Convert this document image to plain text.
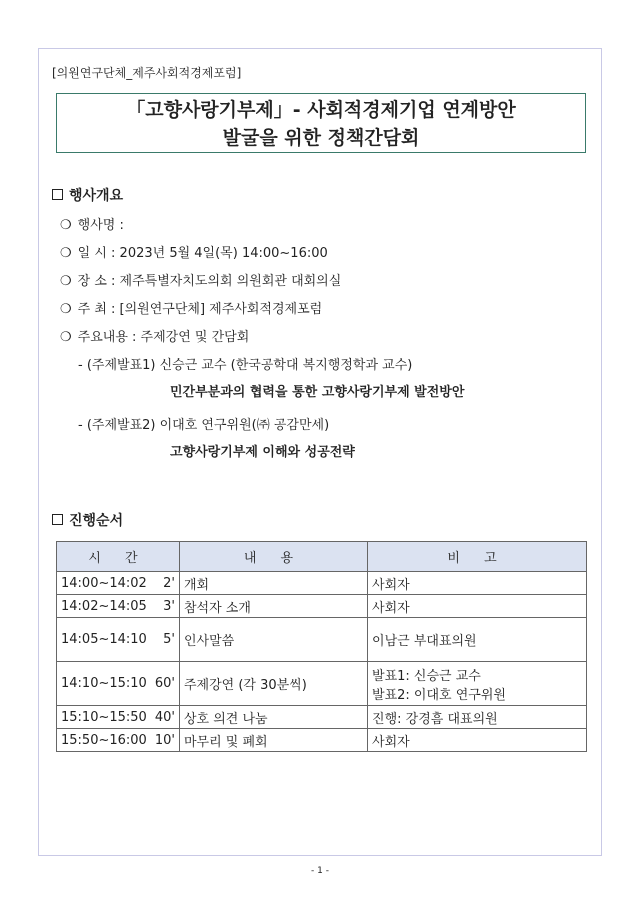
[의원연구단체_제주사회적경제포럼]
「고향사랑기부제」- 사회적경제기업 연계방안
발굴을 위한 정책간담회
행사개요
❍ 행사명 :
❍ 일 시 : 2023년 5월 4일(목) 14:00~16:00
❍ 장 소 : 제주특별자치도의회 의원회관 대회의실
❍ 주 최 : [의원연구단체] 제주사회적경제포럼
❍ 주요내용 : 주제강연 및 간담회
- (주제발표1) 신승근 교수 (한국공학대 복지행정학과 교수)
민간부분과의 협력을 통한 고향사랑기부제 발전방안
- (주제발표2) 이대호 연구위원(㈜ 공감만세)
고향사랑기부제 이해와 성공전략
진행순서
시 간		내 용	비 고
14:00~14:02	2'	개회	사회자
14:02~14:05	3'	참석자 소개	사회자
14:05~14:10	5'	인사말씀	이남근 부대표의원
14:10~15:10	60'	주제강연 (각 30분씩)	발표1: 신승근 교수
발표2: 이대호 연구위원

15:10~15:50	40'	상호 의견 나눔	진행: 강경흠 대표의원
15:50~16:00	10'	마무리 및 폐회	사회자
- 1 -
